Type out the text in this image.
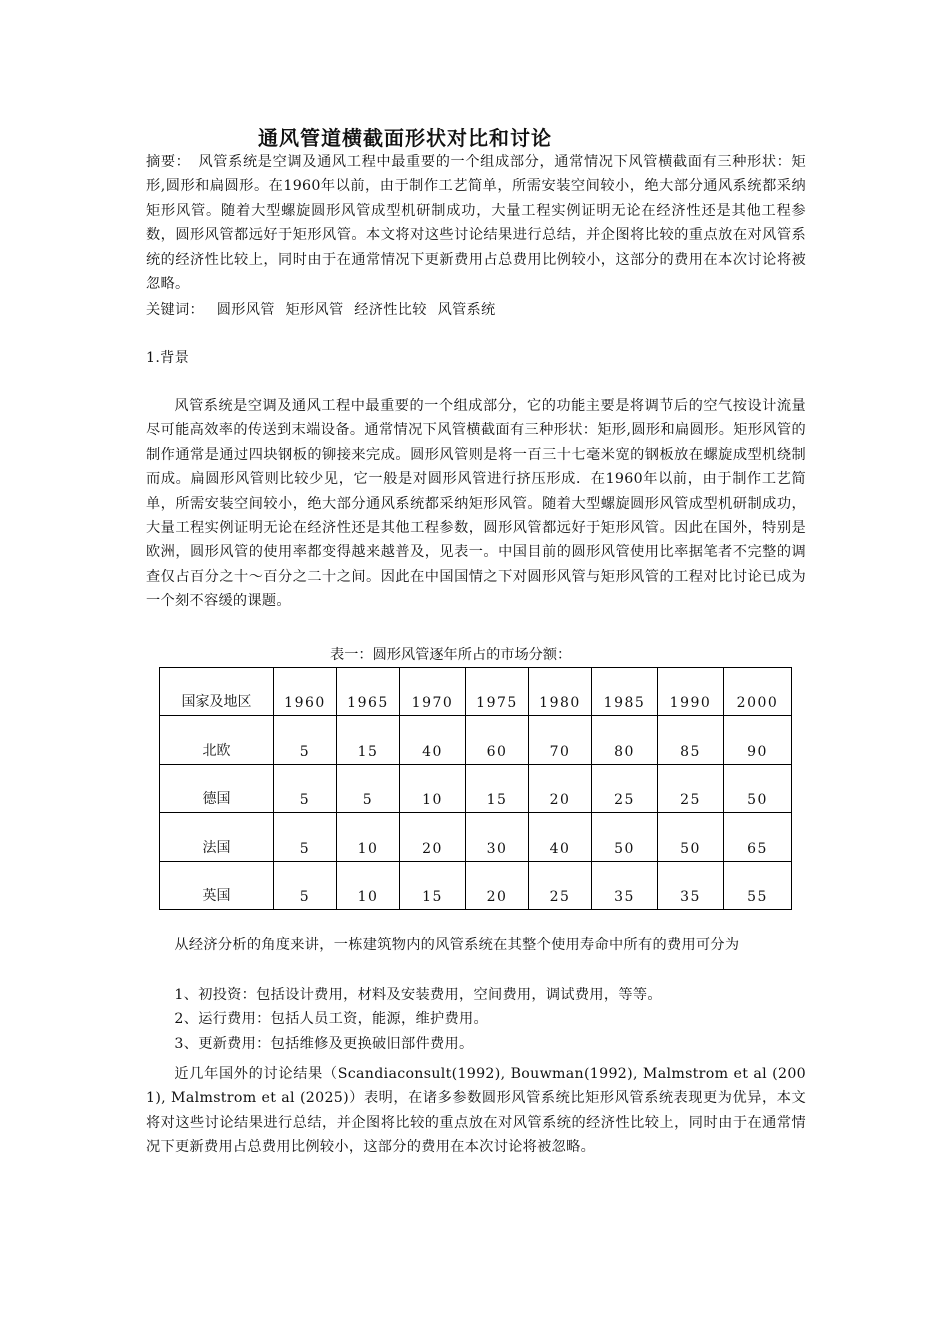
通风管道横截面形状对比和讨论
摘要： 风管系统是空调及通风工程中最重要的一个组成部分，通常情况下风管横截面有三种形状：矩形,圆形和扁圆形。在1960年以前，由于制作工艺简单，所需安装空间较小，绝大部分通风系统都采纳矩形风管。随着大型螺旋圆形风管成型机研制成功，大量工程实例证明无论在经济性还是其他工程参数，圆形风管都远好于矩形风管。本文将对这些讨论结果进行总结，并企图将比较的重点放在对风管系统的经济性比较上，同时由于在通常情况下更新费用占总费用比例较小，这部分的费用在本次讨论将被忽略。
关键词： 圆形风管 矩形风管 经济性比较 风管系统
1.背景
风管系统是空调及通风工程中最重要的一个组成部分，它的功能主要是将调节后的空气按设计流量尽可能高效率的传送到末端设备。通常情况下风管横截面有三种形状：矩形,圆形和扁圆形。矩形风管的制作通常是通过四块钢板的铆接来完成。圆形风管则是将一百三十七毫米宽的钢板放在螺旋成型机绕制而成。扁圆形风管则比较少见，它一般是对圆形风管进行挤压形成．在1960年以前，由于制作工艺简单，所需安装空间较小，绝大部分通风系统都采纳矩形风管。随着大型螺旋圆形风管成型机研制成功，大量工程实例证明无论在经济性还是其他工程参数，圆形风管都远好于矩形风管。因此在国外，特别是欧洲，圆形风管的使用率都变得越来越普及，见表一。中国目前的圆形风管使用比率据笔者不完整的调查仅占百分之十～百分之二十之间。因此在中国国情之下对圆形风管与矩形风管的工程对比讨论已成为一个刻不容缓的课题。
表一：圆形风管逐年所占的市场分额：
国家及地区	1960	1965	1970	1975	1980	1985	1990	2000
北欧	5	15	40	60	70	80	85	90
德国	5	5	10	15	20	25	25	50
法国	5	10	20	30	40	50	50	65
英国	5	10	15	20	25	35	35	55
从经济分析的角度来讲，一栋建筑物内的风管系统在其整个使用寿命中所有的费用可分为
1、初投资：包括设计费用，材料及安装费用，空间费用，调试费用，等等。
2、运行费用：包括人员工资，能源，维护费用。
3、更新费用：包括维修及更换破旧部件费用。
近几年国外的讨论结果（Scandiaconsult(1992), Bouwman(1992), Malmstrom et al (2001), Malmstrom et al (2025)）表明，在诸多参数圆形风管系统比矩形风管系统表现更为优异，本文将对这些讨论结果进行总结，并企图将比较的重点放在对风管系统的经济性比较上，同时由于在通常情况下更新费用占总费用比例较小，这部分的费用在本次讨论将被忽略。
